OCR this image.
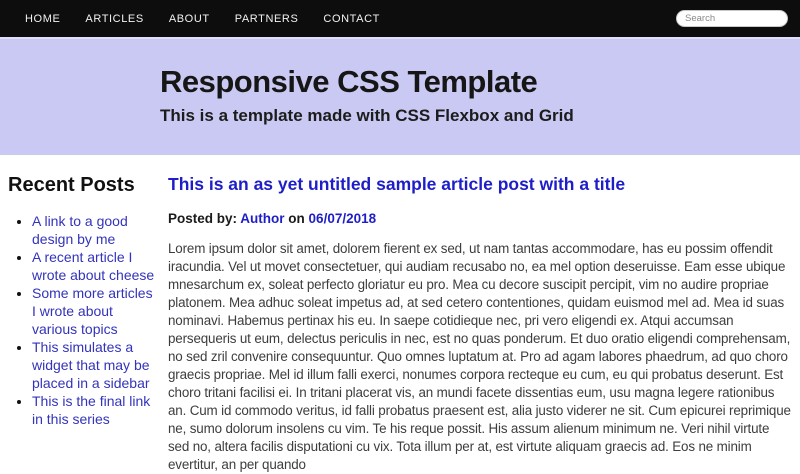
HOME ARTICLES ABOUT PARTNERS CONTACT
Search
Responsive CSS Template

This is a template made with CSS Flexbox and Grid

Recent Posts
• A link to a good design by me
• A recent article I wrote about cheese
• Some more articles I wrote about various topics
• This simulates a widget that may be placed in a sidebar
• This is the final link in this series
This is an as yet untitled sample article post with a title

Posted by: Author on 06/07/2018

Lorem ipsum dolor sit amet, dolorem fierent ex sed, ut nam tantas accommodare, has eu possim offendit iracundia. Vel ut movet consectetuer, qui audiam recusabo no, ea mel option deseruisse. Eam esse ubique mnesarchum ex, soleat perfecto gloriatur eu pro. Mea cu decore suscipit percipit, vim no audire propriae platonem. Mea adhuc soleat impetus ad, at sed cetero contentiones, quidam euismod mel ad. Mea id suas nominavi. Habemus pertinax his eu. In saepe cotidieque nec, pri vero eligendi ex. Atqui accumsan persequeris ut eum, delectus periculis in nec, est no quas ponderum. Et duo oratio eligendi comprehensam, no sed zril convenire consequuntur. Quo omnes luptatum at. Pro ad agam labores phaedrum, ad quo choro graecis propriae. Mel id illum falli exerci, nonumes corpora recteque eu cum, eu qui probatus deserunt. Est choro tritani facilisi ei. In tritani placerat vis, an mundi facete dissentias eum, usu magna legere rationibus an. Cum id commodo veritus, id falli probatus praesent est, alia justo viderer ne sit. Cum epicurei reprimique ne, sumo dolorum insolens cu vim. Te his reque possit. His assum alienum minimum ne. Veri nihil virtute sed no, altera facilis disputationi cu vix. Tota illum per at, est virtute aliquam graecis ad. Eos ne minim evertitur, an per quando
